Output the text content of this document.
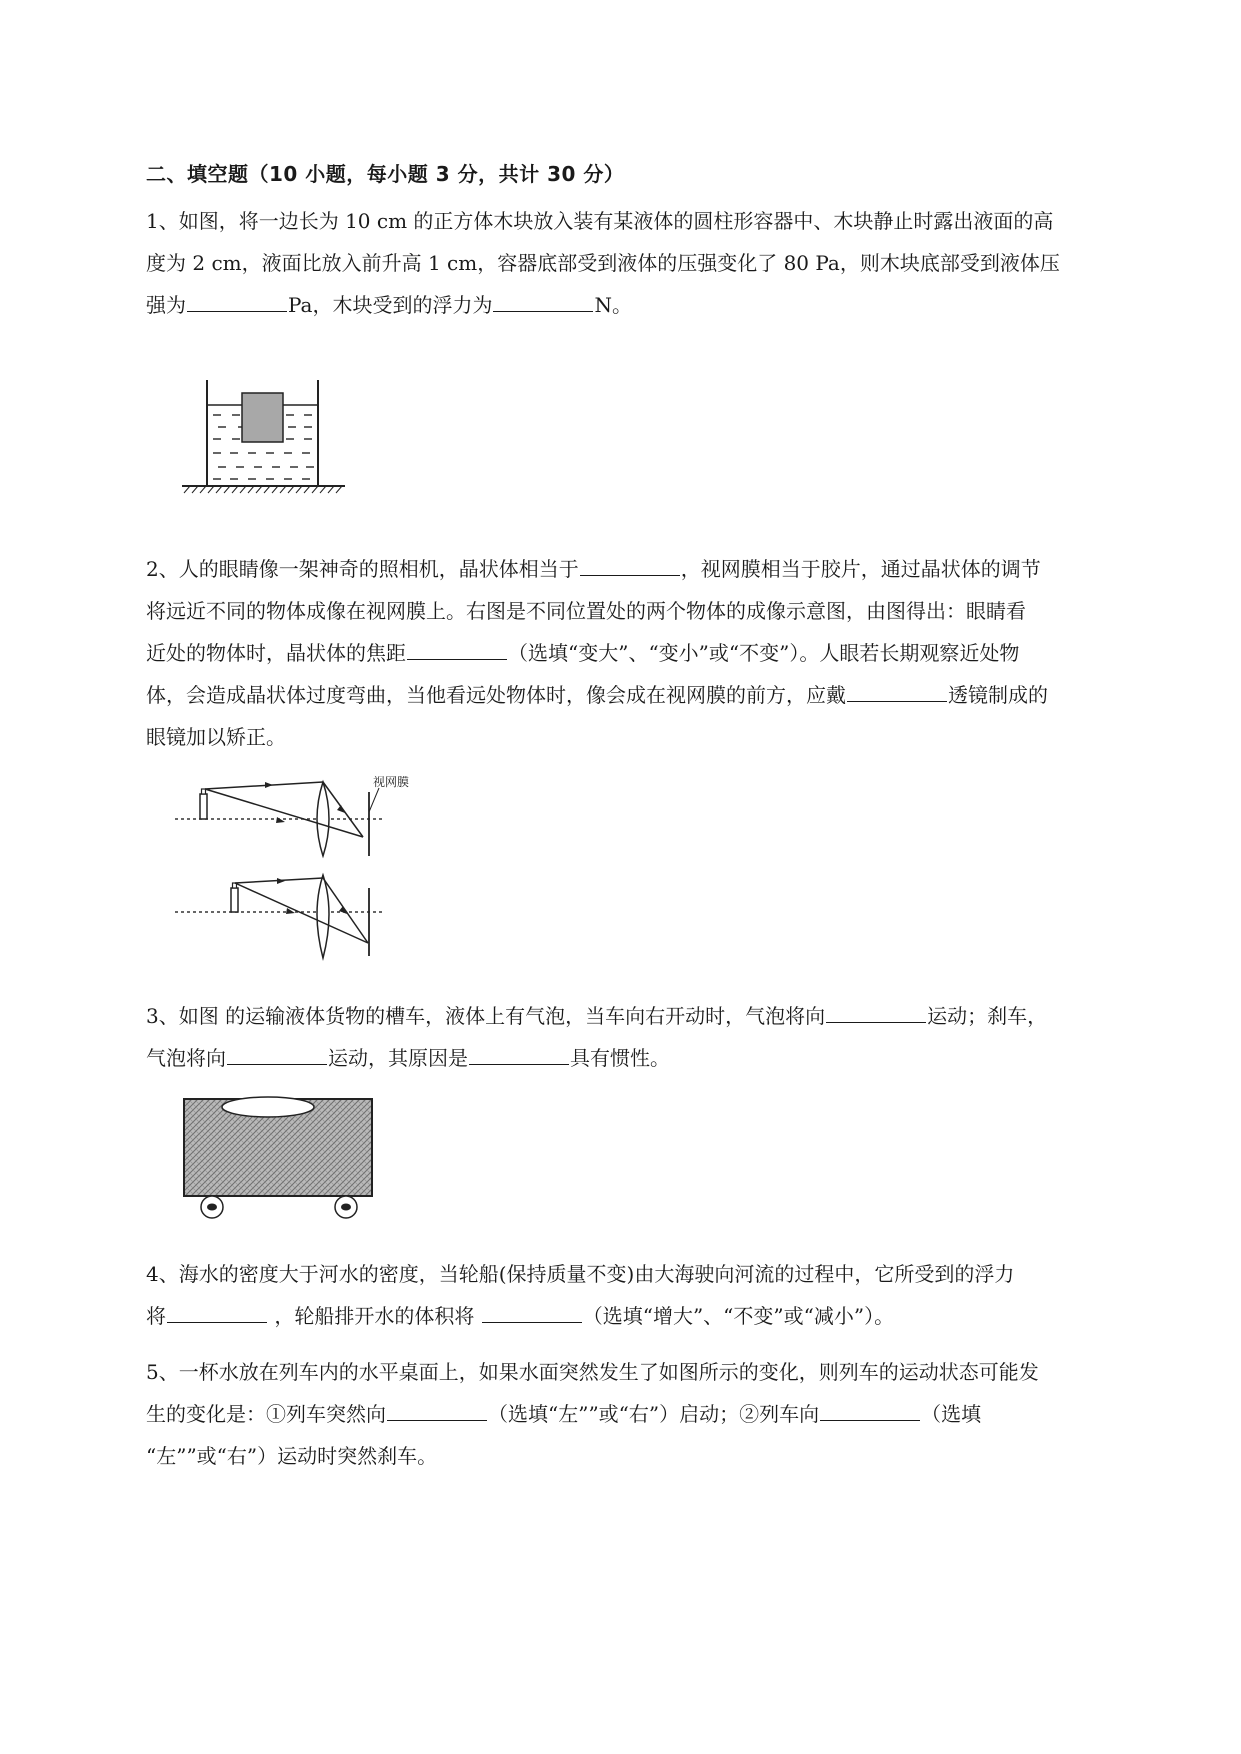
二、填空题（10 小题，每小题 3 分，共计 30 分）
1、如图，将一边长为 10 cm 的正方体木块放入装有某液体的圆柱形容器中、木块静止时露出液面的高
度为 2 cm，液面比放入前升高 1 cm，容器底部受到液体的压强变化了 80 Pa，则木块底部受到液体压
强为	Pa，木块受到的浮力为	N。
2、人的眼睛像一架神奇的照相机，晶状体相当于	，视网膜相当于胶片，通过晶状体的调节
将远近不同的物体成像在视网膜上。右图是不同位置处的两个物体的成像示意图，由图得出：眼睛看
近处的物体时，晶状体的焦距	（选填“变大”、“变小”或“不变”）。人眼若长期观察近处物
体，会造成晶状体过度弯曲，当他看远处物体时，像会成在视网膜的前方，应戴	透镜制成的
眼镜加以矫正。
视网膜
3、如图 的运输液体货物的槽车，液体上有气泡，当车向右开动时，气泡将向	运动；刹车，
气泡将向	运动，其原因是	具有惯性。
4、海水的密度大于河水的密度，当轮船(保持质量不变)由大海驶向河流的过程中，它所受到的浮力
将	，轮船排开水的体积将	（选填“增大”、“不变”或“减小”）。
5、一杯水放在列车内的水平桌面上，如果水面突然发生了如图所示的变化，则列车的运动状态可能发
生的变化是：①列车突然向	（选填“左””或“右”）启动；②列车向	（选填
“左””或“右”）运动时突然刹车。
